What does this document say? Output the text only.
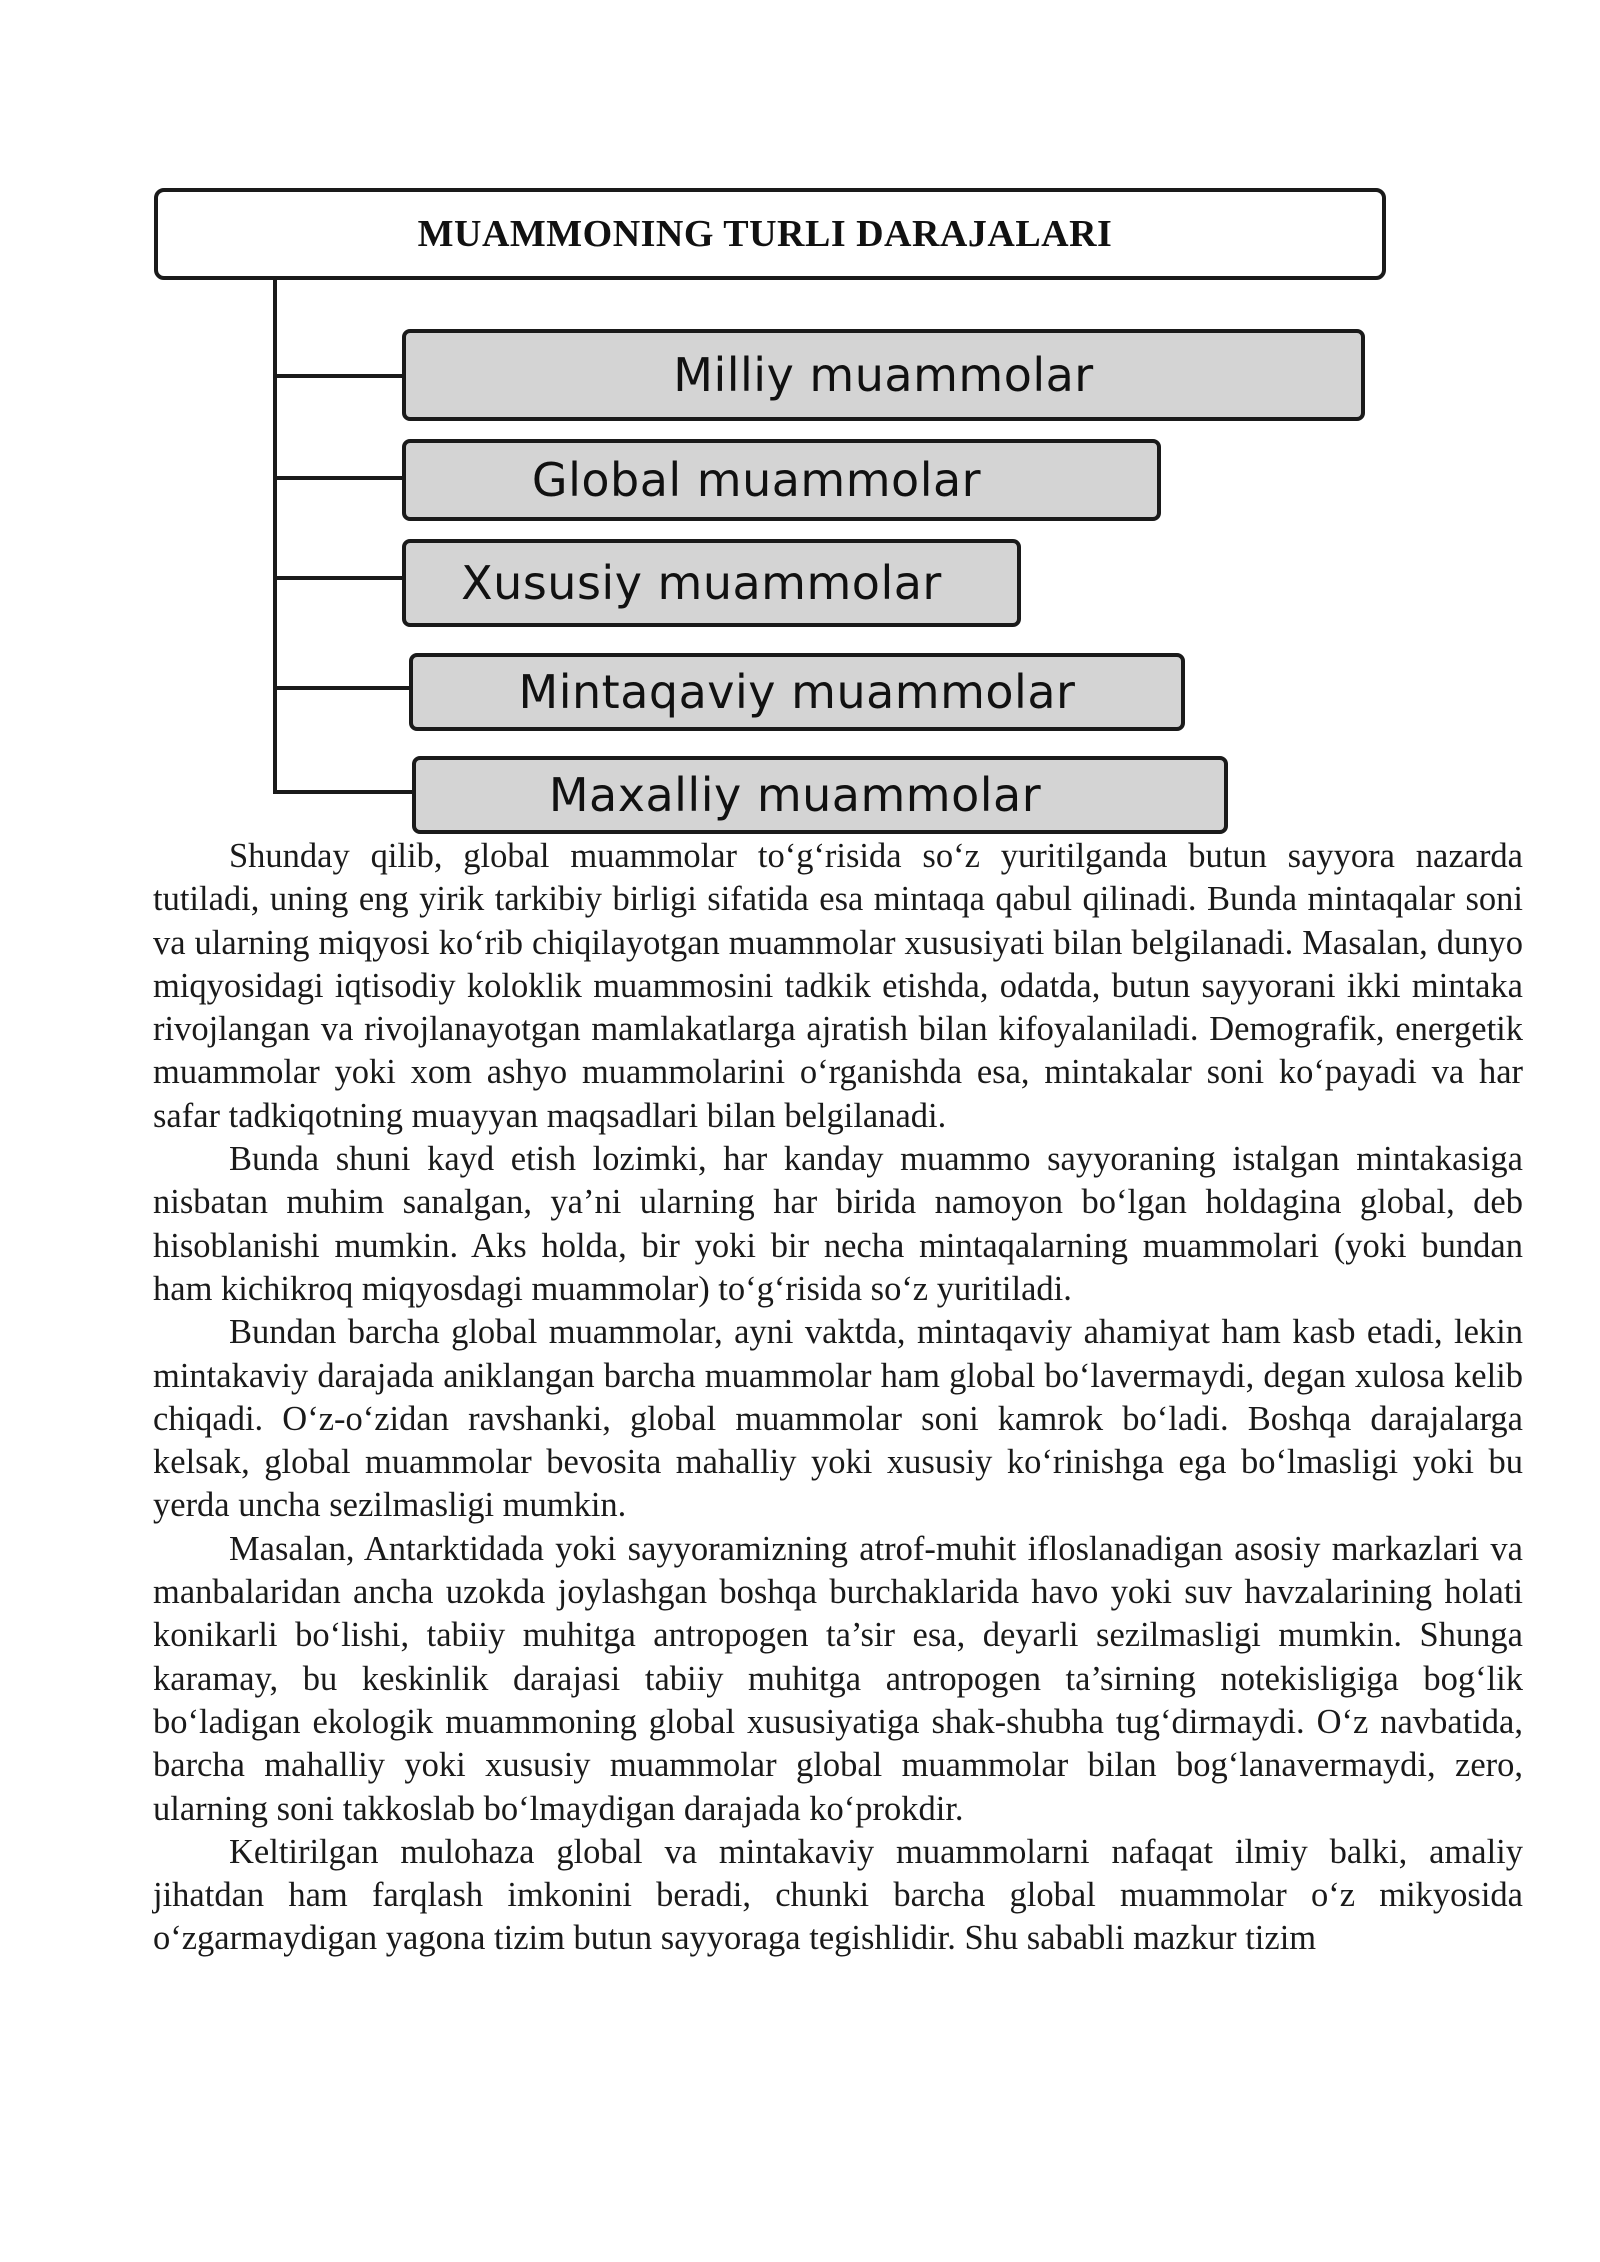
MUAMMONING TURLI DARAJALARI
Milliy muammolar
Global muammolar
Xususiy muammolar
Mintaqaviy muammolar
Maxalliy muammolar

Shunday qilib, global muammolar to‘g‘risida so‘z yuritilganda butun sayyora nazarda tutiladi, uning eng yirik tarkibiy birligi sifatida esa mintaqa qabul qilinadi. Bunda mintaqalar soni va ularning miqyosi ko‘rib chiqilayotgan muammolar xususiyati bilan belgilanadi. Masalan, dunyo miqyosidagi iqtisodiy koloklik muammosini tadkik etishda, odatda, butun sayyorani ikki mintaka rivojlangan va rivojlanayotgan mamlakatlarga ajratish bilan kifoyalaniladi. Demografik, energetik muammolar yoki xom ashyo muammolarini o‘rganishda esa, mintakalar soni ko‘payadi va har safar tadkiqotning muayyan maqsadlari bilan belgilanadi.

Bunda shuni kayd etish lozimki, har kanday muammo sayyoraning istalgan mintakasiga nisbatan muhim sanalgan, ya’ni ularning har birida namoyon bo‘lgan holdagina global, deb hisoblanishi mumkin. Aks holda, bir yoki bir necha mintaqalarning muammolari (yoki bundan ham kichikroq miqyosdagi muammolar) to‘g‘risida so‘z yuritiladi.

Bundan barcha global muammolar, ayni vaktda, mintaqaviy ahamiyat ham kasb etadi, lekin mintakaviy darajada aniklangan barcha muammolar ham global bo‘lavermaydi, degan xulosa kelib chiqadi. O‘z-o‘zidan ravshanki, global muammolar soni kamrok bo‘ladi. Boshqa darajalarga kelsak, global muammolar bevosita mahalliy yoki xususiy ko‘rinishga ega bo‘lmasligi yoki bu yerda uncha sezilmasligi mumkin.

Masalan, Antarktidada yoki sayyoramizning atrof-muhit ifloslanadigan asosiy markazlari va manbalaridan ancha uzokda joylashgan boshqa burchaklarida havo yoki suv havzalarining holati konikarli bo‘lishi, tabiiy muhitga antropogen ta’sir esa, deyarli sezilmasligi mumkin. Shunga karamay, bu keskinlik darajasi tabiiy muhitga antropogen ta’sirning notekisligiga bog‘lik bo‘ladigan ekologik muammoning global xususiyatiga shak-shubha tug‘dirmaydi. O‘z navbatida, barcha mahalliy yoki xususiy muammolar global muammolar bilan bog‘lanavermaydi, zero, ularning soni takkoslab bo‘lmaydigan darajada ko‘prokdir.

Keltirilgan mulohaza global va mintakaviy muammolarni nafaqat ilmiy balki, amaliy jihatdan ham farqlash imkonini beradi, chunki barcha global muammolar o‘z mikyosida o‘zgarmaydigan yagona tizim butun sayyoraga tegishlidir. Shu sababli mazkur tizim
